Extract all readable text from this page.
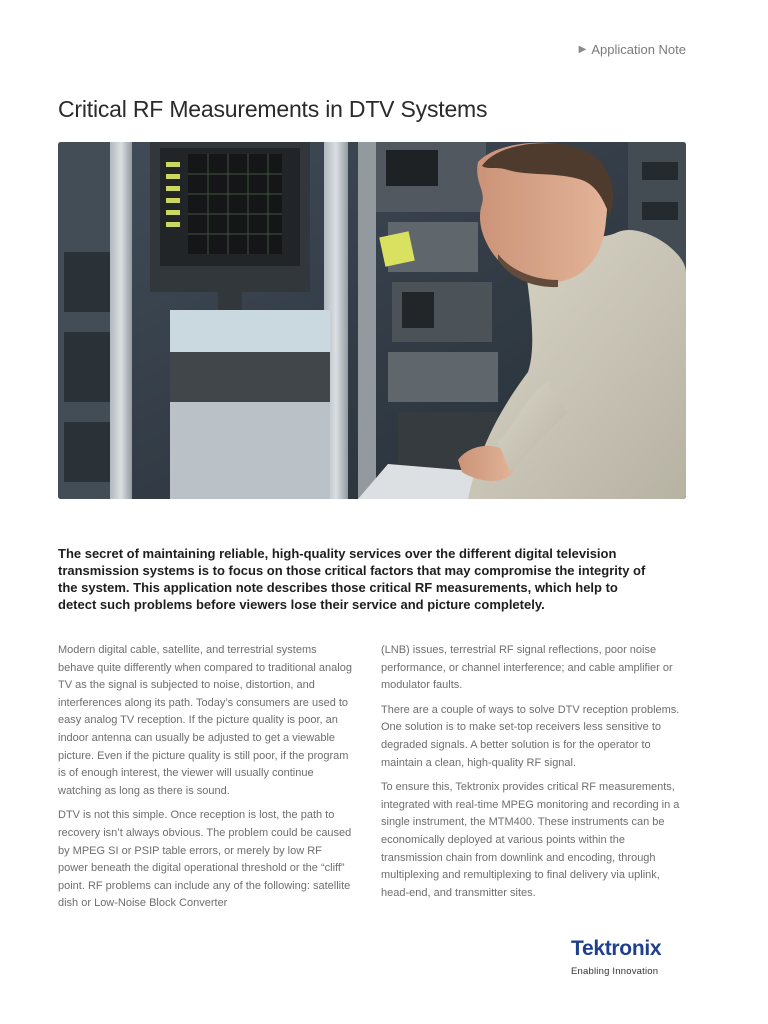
▶ Application Note
Critical RF Measurements in DTV Systems

The secret of maintaining reliable, high-quality services over the different digital television transmission systems is to focus on those critical factors that may compromise the integrity of the system. This application note describes those critical RF measurements, which help to detect such problems before viewers lose their service and picture completely.

Modern digital cable, satellite, and terrestrial systems behave quite differently when compared to traditional analog TV as the signal is subjected to noise, distortion, and interferences along its path. Today’s consumers are used to easy analog TV reception. If the picture quality is poor, an indoor antenna can usually be adjusted to get a viewable picture. Even if the picture quality is still poor, if the program is of enough interest, the viewer will usually continue watching as long as there is sound.

DTV is not this simple. Once reception is lost, the path to recovery isn’t always obvious. The problem could be caused by MPEG SI or PSIP table errors, or merely by low RF power beneath the digital operational threshold or the “cliff” point. RF problems can include any of the following: satellite dish or Low-Noise Block Converter

(LNB) issues, terrestrial RF signal reflections, poor noise performance, or channel interference; and cable amplifier or modulator faults.

There are a couple of ways to solve DTV reception problems. One solution is to make set-top receivers less sensitive to degraded signals. A better solution is for the operator to maintain a clean, high-quality RF signal.

To ensure this, Tektronix provides critical RF measurements, integrated with real-time MPEG monitoring and recording in a single instrument, the MTM400. These instruments can be economically deployed at various points within the transmission chain from downlink and encoding, through multiplexing and remultiplexing to final delivery via uplink, head-end, and transmitter sites.

Tektronix
Enabling Innovation
